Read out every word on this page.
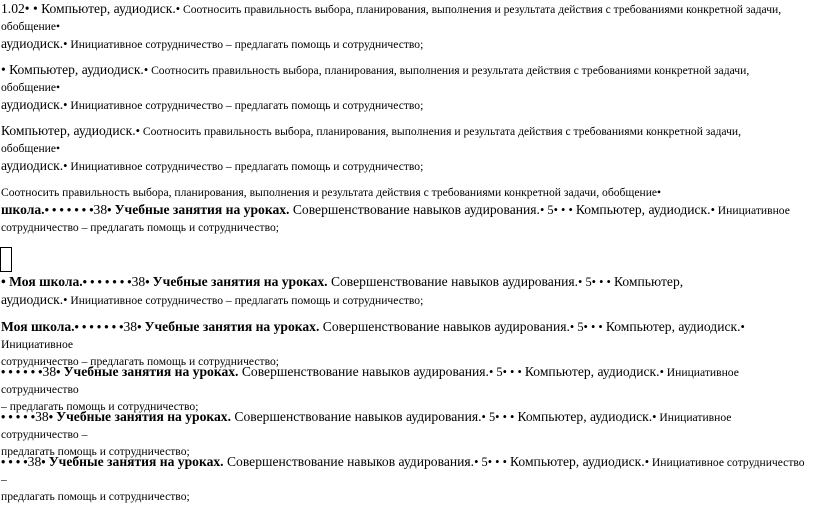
1.02• • Компьютер, аудиодиск.• Соотносить правильность выбора, планирования, выполнения и результата действия с требованиями конкретной задачи,
обобщение•
аудиодиск.• Инициативное сотрудничество – предлагать помощь и сотрудничество;
• Компьютер, аудиодиск.• Соотносить правильность выбора, планирования, выполнения и результата действия с требованиями конкретной задачи,
обобщение•
аудиодиск.• Инициативное сотрудничество – предлагать помощь и сотрудничество;
Компьютер, аудиодиск.• Соотносить правильность выбора, планирования, выполнения и результата действия с требованиями конкретной задачи,
обобщение•
аудиодиск.• Инициативное сотрудничество – предлагать помощь и сотрудничество;
Соотносить правильность выбора, планирования, выполнения и результата действия с требованиями конкретной задачи, обобщение•
школа.• • • • • • •38• Учебные занятия на уроках. Совершенствование навыков аудирования.• 5• • • Компьютер, аудиодиск.• Инициативное
сотрудничество – предлагать помощь и сотрудничество;
• Моя школа.• • • • • • •38• Учебные занятия на уроках. Совершенствование навыков аудирования.• 5• • • Компьютер,
аудиодиск.• Инициативное сотрудничество – предлагать помощь и сотрудничество;
Моя школа.• • • • • • •38• Учебные занятия на уроках. Совершенствование навыков аудирования.• 5• • • Компьютер, аудиодиск.• Инициативное
сотрудничество – предлагать помощь и сотрудничество;
• • • • • •38• Учебные занятия на уроках. Совершенствование навыков аудирования.• 5• • • Компьютер, аудиодиск.• Инициативное сотрудничество
– предлагать помощь и сотрудничество;
• • • • •38• Учебные занятия на уроках. Совершенствование навыков аудирования.• 5• • • Компьютер, аудиодиск.• Инициативное сотрудничество –
предлагать помощь и сотрудничество;
• • • •38• Учебные занятия на уроках. Совершенствование навыков аудирования.• 5• • • Компьютер, аудиодиск.• Инициативное сотрудничество –
предлагать помощь и сотрудничество;
